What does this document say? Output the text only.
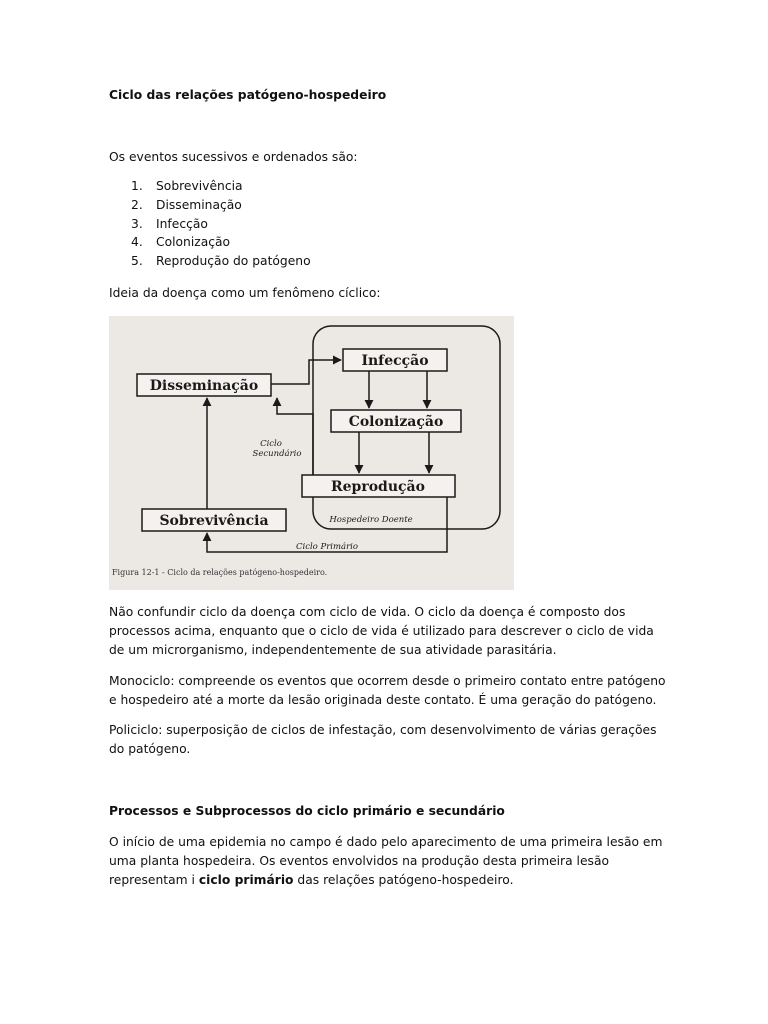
Ciclo das relações patógeno-hospedeiro
Os eventos sucessivos e ordenados são:
1. Sobrevivência
2. Disseminação
3. Infecção
4. Colonização
5. Reprodução do patógeno
Ideia da doença como um fenômeno cíclico:
Não confundir ciclo da doença com ciclo de vida. O ciclo da doença é composto dos processos acima, enquanto que o ciclo de vida é utilizado para descrever o ciclo de vida de um microrganismo, independentemente de sua atividade parasitária.
Monociclo: compreende os eventos que ocorrem desde o primeiro contato entre patógeno e hospedeiro até a morte da lesão originada deste contato. É uma geração do patógeno.
Policiclo: superposição de ciclos de infestação, com desenvolvimento de várias gerações do patógeno.
Processos e Subprocessos do ciclo primário e secundário
O início de uma epidemia no campo é dado pelo aparecimento de uma primeira lesão em uma planta hospedeira. Os eventos envolvidos na produção desta primeira lesão representam i ciclo primário das relações patógeno-hospedeiro.
Infecção
Disseminação
Colonização
Reprodução
Sobrevivência
Ciclo
Secundário
Hospedeiro Doente
Ciclo Primário
Figura 12-1 - Ciclo da relações patógeno-hospedeiro.
